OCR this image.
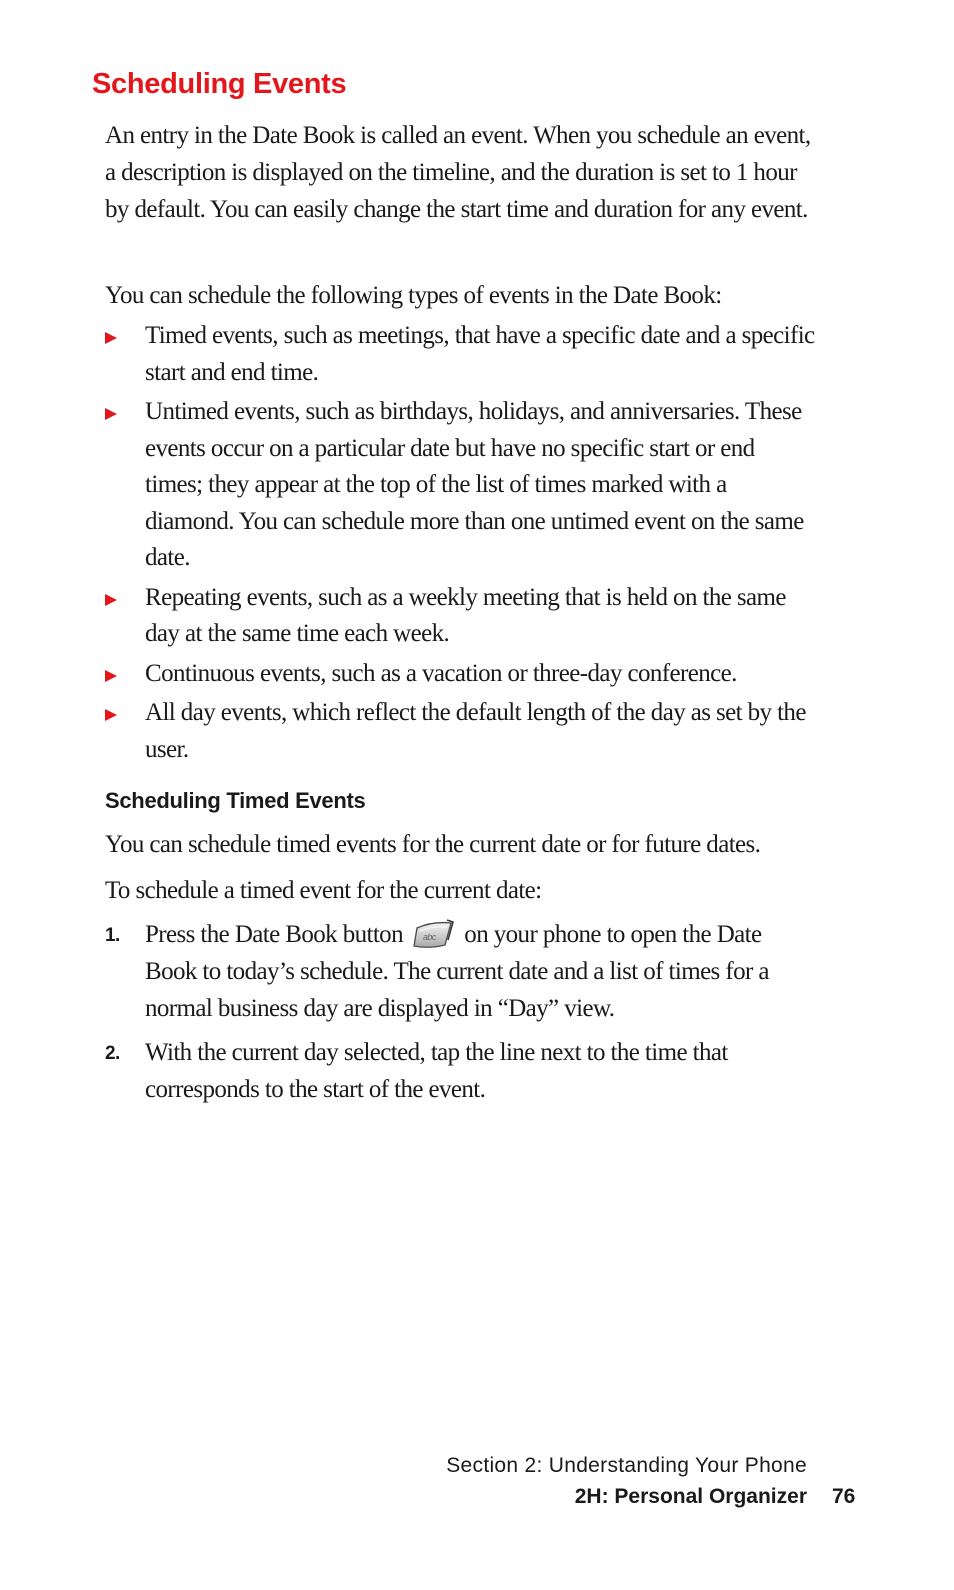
Scheduling Events

An entry in the Date Book is called an event. When you schedule an event, a description is displayed on the timeline, and the duration is set to 1 hour by default. You can easily change the start time and duration for any event.

You can schedule the following types of events in the Date Book:

Timed events, such as meetings, that have a specific date and a specific start and end time.
Untimed events, such as birthdays, holidays, and anniversaries. These events occur on a particular date but have no specific start or end times; they appear at the top of the list of times marked with a diamond. You can schedule more than one untimed event on the same date.
Repeating events, such as a weekly meeting that is held on the same day at the same time each week.
Continuous events, such as a vacation or three-day conference.
All day events, which reflect the default length of the day as set by the user.
Scheduling Timed Events

You can schedule timed events for the current date or for future dates.

To schedule a timed event for the current date:

1. Press the Date Book button abc on your phone to open the Date Book to today’s schedule. The current date and a list of times for a normal business day are displayed in “Day” view.
2. With the current day selected, tap the line next to the time that corresponds to the start of the event.

Section 2: Understanding Your Phone

2H: Personal Organizer 76
